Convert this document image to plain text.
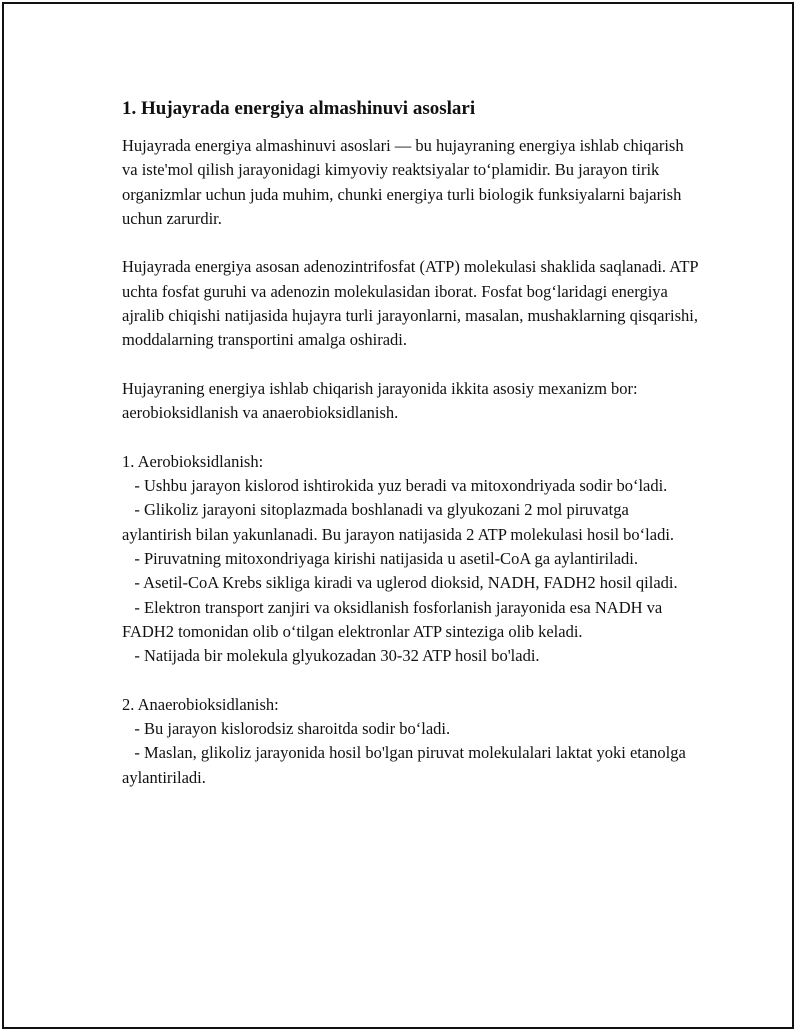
1. Hujayrada energiya almashinuvi asoslari

Hujayrada energiya almashinuvi asoslari — bu hujayraning energiya ishlab chiqarish va iste'mol qilish jarayonidagi kimyoviy reaktsiyalar to‘plamidir. Bu jarayon tirik organizmlar uchun juda muhim, chunki energiya turli biologik funksiyalarni bajarish uchun zarurdir.

Hujayrada energiya asosan adenozintrifosfat (ATP) molekulasi shaklida saqlanadi. ATP uchta fosfat guruhi va adenozin molekulasidan iborat. Fosfat bog‘laridagi energiya ajralib chiqishi natijasida hujayra turli jarayonlarni, masalan, mushaklarning qisqarishi, moddalarning transportini amalga oshiradi.

Hujayraning energiya ishlab chiqarish jarayonida ikkita asosiy mexanizm bor: aerobioksidlanish va anaerobioksidlanish.

1. Aerobioksidlanish:

- Ushbu jarayon kislorod ishtirokida yuz beradi va mitoxondriyada sodir bo‘ladi.

- Glikoliz jarayoni sitoplazmada boshlanadi va glyukozani 2 mol piruvatga aylantirish bilan yakunlanadi. Bu jarayon natijasida 2 ATP molekulasi hosil bo‘ladi.

- Piruvatning mitoxondriyaga kirishi natijasida u asetil-CoA ga aylantiriladi.

- Asetil-CoA Krebs sikliga kiradi va uglerod dioksid, NADH, FADH2 hosil qiladi.

- Elektron transport zanjiri va oksidlanish fosforlanish jarayonida esa NADH va FADH2 tomonidan olib o‘tilgan elektronlar ATP sinteziga olib keladi.

- Natijada bir molekula glyukozadan 30-32 ATP hosil bo'ladi.

2. Anaerobioksidlanish:

- Bu jarayon kislorodsiz sharoitda sodir bo‘ladi.

- Maslan, glikoliz jarayonida hosil bo'lgan piruvat molekulalari laktat yoki etanolga aylantiriladi.
